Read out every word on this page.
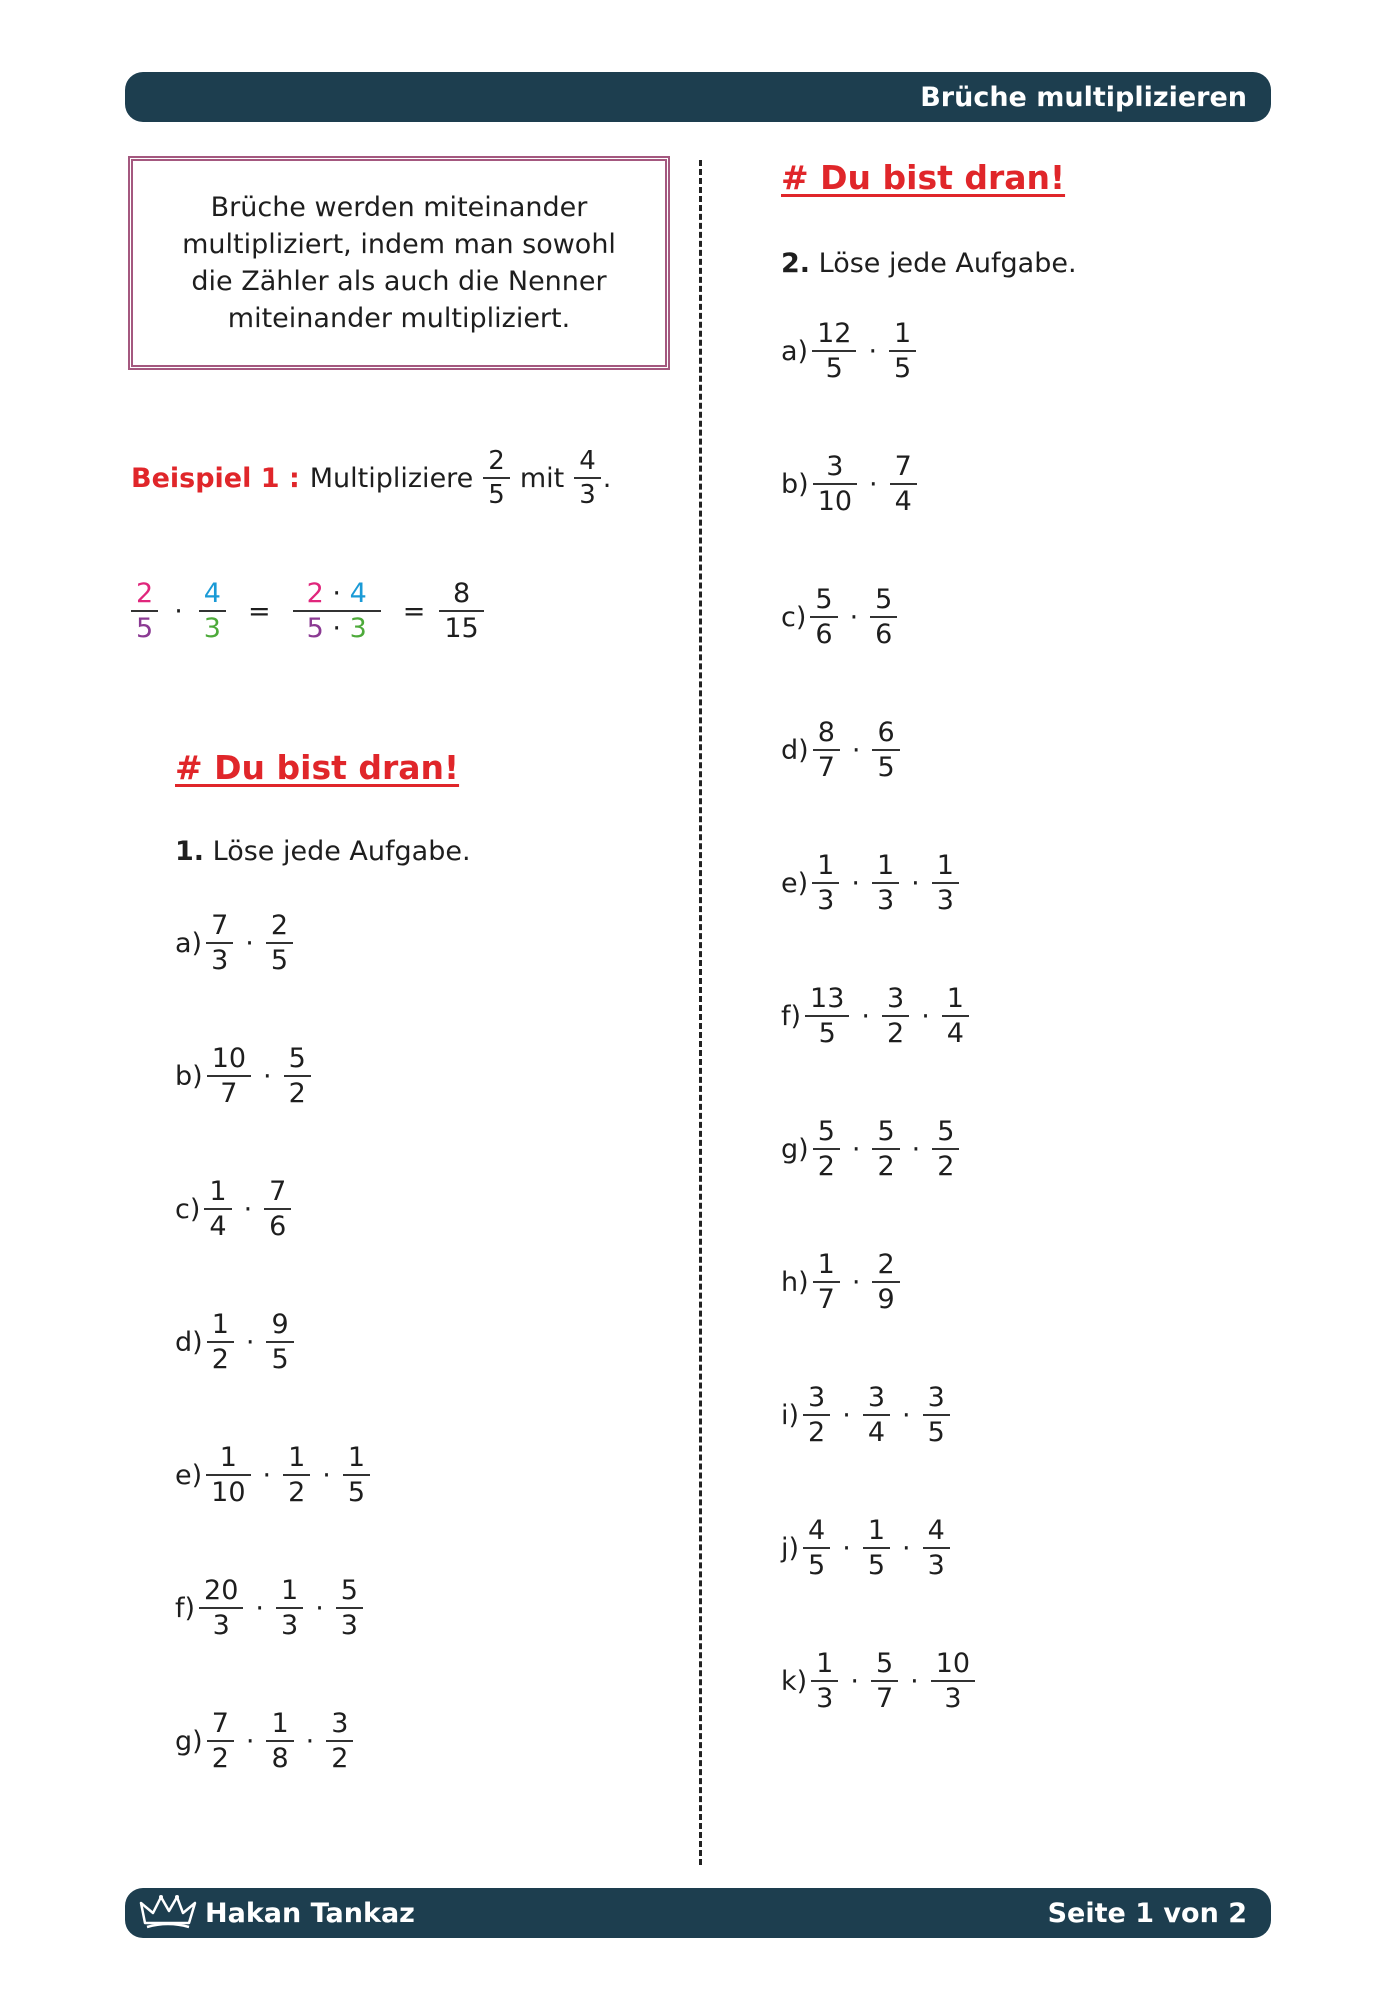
Brüche multiplizieren
Brüche werden miteinander
multipliziert, indem man sowohl
die Zähler als auch die Nenner
miteinander multipliziert.
Beispiel 1 : Multipliziere $\frac{2}{5}$ mit $\frac{4}{3}$ .
$\frac{2}{5} \cdot \frac{4}{3} = \frac{2 \cdot 4}{5 \cdot 3} = \frac{8}{15}$
# Du bist dran!
1. Löse jede Aufgabe.
$a) \frac{7}{3} \cdot \frac{2}{5}$
$b) \frac{10}{7} \cdot \frac{5}{2}$
$c) \frac{1}{4} \cdot \frac{7}{6}$
$d) \frac{1}{2} \cdot \frac{9}{5}$
$e) \frac{1}{10} \cdot \frac{1}{2} \cdot \frac{1}{5}$
$f) \frac{20}{3} \cdot \frac{1}{3} \cdot \frac{5}{3}$
$g) \frac{7}{2} \cdot \frac{1}{8} \cdot \frac{3}{2}$
# Du bist dran!
2. Löse jede Aufgabe.
$a) \frac{12}{5} \cdot \frac{1}{5}$
$b) \frac{3}{10} \cdot \frac{7}{4}$
$c) \frac{5}{6} \cdot \frac{5}{6}$
$d) \frac{8}{7} \cdot \frac{6}{5}$
$e) \frac{1}{3} \cdot \frac{1}{3} \cdot \frac{1}{3}$
$f) \frac{13}{5} \cdot \frac{3}{2} \cdot \frac{1}{4}$
$g) \frac{5}{2} \cdot \frac{5}{2} \cdot \frac{5}{2}$
$h) \frac{1}{7} \cdot \frac{2}{9}$
$i) \frac{3}{2} \cdot \frac{3}{4} \cdot \frac{3}{5}$
$j) \frac{4}{5} \cdot \frac{1}{5} \cdot \frac{4}{3}$
$k) \frac{1}{3} \cdot \frac{5}{7} \cdot \frac{10}{3}$
Hakan Tankaz	Seite 1 von 2
